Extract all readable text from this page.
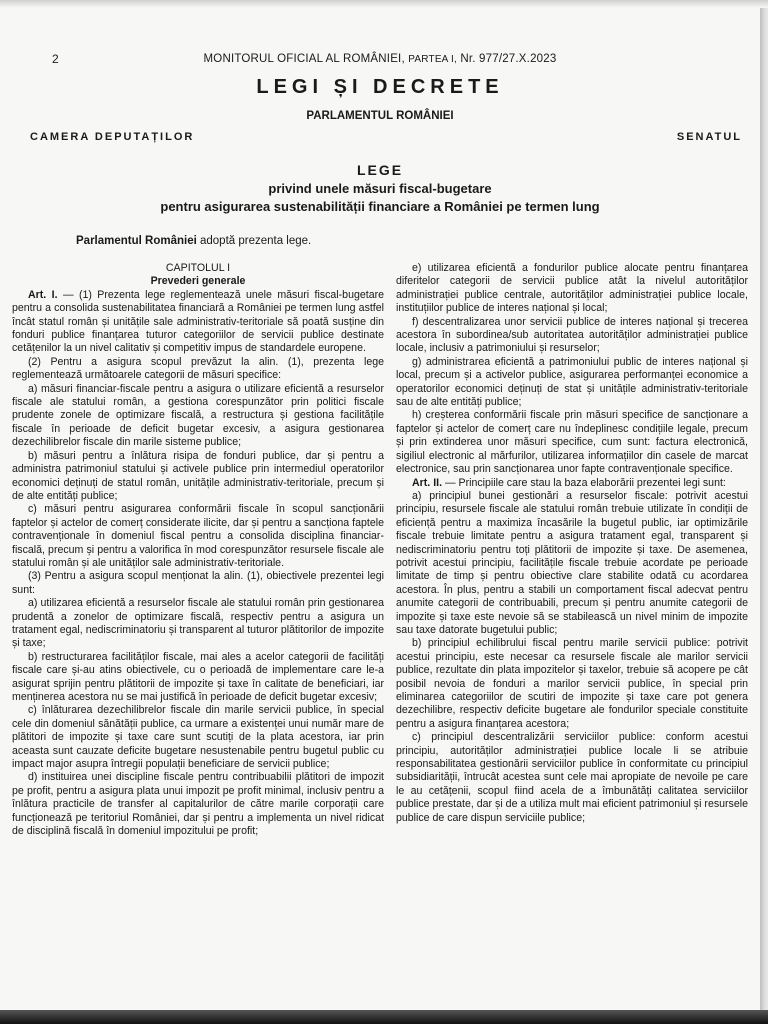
2	MONITORUL OFICIAL AL ROMÂNIEI, PARTEA I, Nr. 977/27.X.2023
LEGI ȘI DECRETE
PARLAMENTUL ROMÂNIEI
CAMERA DEPUTAȚILOR	SENATUL
LEGE
privind unele măsuri fiscal-bugetare
pentru asigurarea sustenabilității financiare a României pe termen lung
Parlamentul României adoptă prezenta lege.

CAPITOLUL I

Prevederi generale

Art. I. — (1) Prezenta lege reglementează unele măsuri fiscal-bugetare pentru a consolida sustenabilitatea financiară a României pe termen lung astfel încât statul român și unitățile sale administrativ-teritoriale să poată susține din fonduri publice finanțarea tuturor categoriilor de servicii publice destinate cetățenilor la un nivel calitativ și competitiv impus de standardele europene.

(2) Pentru a asigura scopul prevăzut la alin. (1), prezenta lege reglementează următoarele categorii de măsuri specifice:

a) măsuri financiar-fiscale pentru a asigura o utilizare eficientă a resurselor fiscale ale statului român, a gestiona corespunzător prin politici fiscale prudente zonele de optimizare fiscală, a restructura și gestiona facilitățile fiscale în perioade de deficit bugetar excesiv, a asigura gestionarea dezechilibrelor fiscale din marile sisteme publice;

b) măsuri pentru a înlătura risipa de fonduri publice, dar și pentru a administra patrimoniul statului și activele publice prin intermediul operatorilor economici deținuți de statul român, unitățile administrativ-teritoriale, precum și de alte entități publice;

c) măsuri pentru asigurarea conformării fiscale în scopul sancționării faptelor și actelor de comerț considerate ilicite, dar și pentru a sancționa faptele contravenționale în domeniul fiscal pentru a consolida disciplina financiar-fiscală, precum și pentru a valorifica în mod corespunzător resursele fiscale ale statului român și ale unităților sale administrativ-teritoriale.

(3) Pentru a asigura scopul menționat la alin. (1), obiectivele prezentei legi sunt:

a) utilizarea eficientă a resurselor fiscale ale statului român prin gestionarea prudentă a zonelor de optimizare fiscală, respectiv pentru a asigura un tratament egal, nediscriminatoriu și transparent al tuturor plătitorilor de impozite și taxe;

b) restructurarea facilităților fiscale, mai ales a acelor categorii de facilități fiscale care și-au atins obiectivele, cu o perioadă de implementare care le-a asigurat sprijin pentru plătitorii de impozite și taxe în calitate de beneficiari, iar menținerea acestora nu se mai justifică în perioade de deficit bugetar excesiv;

c) înlăturarea dezechilibrelor fiscale din marile servicii publice, în special cele din domeniul sănătății publice, ca urmare a existenței unui număr mare de plătitori de impozite și taxe care sunt scutiți de la plata acestora, iar prin aceasta sunt cauzate deficite bugetare nesustenabile pentru bugetul public cu impact major asupra întregii populații beneficiare de servicii publice;

d) instituirea unei discipline fiscale pentru contribuabilii plătitori de impozit pe profit, pentru a asigura plata unui impozit pe profit minimal, inclusiv pentru a înlătura practicile de transfer al capitalurilor de către marile corporații care funcționează pe teritoriul României, dar și pentru a implementa un nivel ridicat de disciplină fiscală în domeniul impozitului pe profit;

e) utilizarea eficientă a fondurilor publice alocate pentru finanțarea diferitelor categorii de servicii publice atât la nivelul autorităților administrației publice centrale, autorităților administrației publice locale, instituțiilor publice de interes național și local;

f) descentralizarea unor servicii publice de interes național și trecerea acestora în subordinea/sub autoritatea autorităților administrației publice locale, inclusiv a patrimoniului și resurselor;

g) administrarea eficientă a patrimoniului public de interes național și local, precum și a activelor publice, asigurarea performanței economice a operatorilor economici deținuți de stat și unitățile administrativ-teritoriale sau de alte entități publice;

h) creșterea conformării fiscale prin măsuri specifice de sancționare a faptelor și actelor de comerț care nu îndeplinesc condițiile legale, precum și prin extinderea unor măsuri specifice, cum sunt: factura electronică, sigiliul electronic al mărfurilor, utilizarea informațiilor din casele de marcat electronice, sau prin sancționarea unor fapte contravenționale specifice.

Art. II. — Principiile care stau la baza elaborării prezentei legi sunt:

a) principiul bunei gestionări a resurselor fiscale: potrivit acestui principiu, resursele fiscale ale statului român trebuie utilizate în condiții de eficiență pentru a maximiza încasările la bugetul public, iar optimizările fiscale trebuie limitate pentru a asigura tratament egal, transparent și nediscriminatoriu pentru toți plătitorii de impozite și taxe. De asemenea, potrivit acestui principiu, facilitățile fiscale trebuie acordate pe perioade limitate de timp și pentru obiective clare stabilite odată cu acordarea acestora. În plus, pentru a stabili un comportament fiscal adecvat pentru anumite categorii de contribuabili, precum și pentru anumite categorii de impozite și taxe este nevoie să se stabilească un nivel minim de impozite sau taxe datorate bugetului public;

b) principiul echilibrului fiscal pentru marile servicii publice: potrivit acestui principiu, este necesar ca resursele fiscale ale marilor servicii publice, rezultate din plata impozitelor și taxelor, trebuie să acopere pe cât posibil nevoia de fonduri a marilor servicii publice, în special prin eliminarea categoriilor de scutiri de impozite și taxe care pot genera dezechilibre, respectiv deficite bugetare ale fondurilor speciale constituite pentru a asigura finanțarea acestora;

c) principiul descentralizării serviciilor publice: conform acestui principiu, autorităților administrației publice locale li se atribuie responsabilitatea gestionării serviciilor publice în conformitate cu principiul subsidiarității, întrucât acestea sunt cele mai apropiate de nevoile pe care le au cetățenii, scopul fiind acela de a îmbunătăți calitatea serviciilor publice prestate, dar și de a utiliza mult mai eficient patrimoniul și resursele publice de care dispun serviciile publice;
